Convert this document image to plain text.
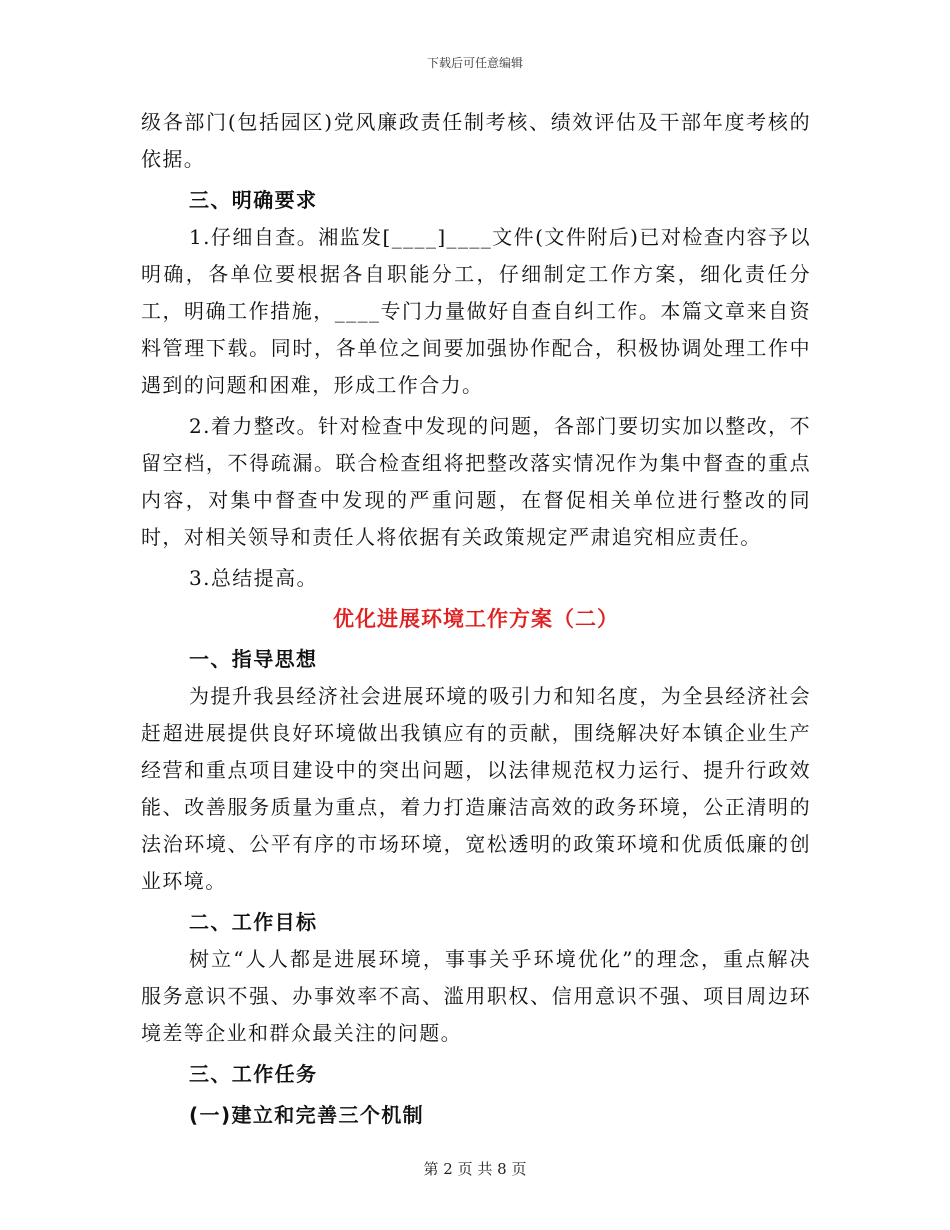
下载后可任意编辑

级各部门(包括园区)党风廉政责任制考核、绩效评估及干部年度考核的依据。

三、明确要求

1.仔细自查。湘监发[____]____文件(文件附后)已对检查内容予以明确，各单位要根据各自职能分工，仔细制定工作方案，细化责任分工，明确工作措施，____专门力量做好自查自纠工作。本篇文章来自资料管理下载。同时，各单位之间要加强协作配合，积极协调处理工作中遇到的问题和困难，形成工作合力。

2.着力整改。针对检查中发现的问题，各部门要切实加以整改，不留空档，不得疏漏。联合检查组将把整改落实情况作为集中督查的重点内容，对集中督查中发现的严重问题，在督促相关单位进行整改的同时，对相关领导和责任人将依据有关政策规定严肃追究相应责任。

3.总结提高。

优化进展环境工作方案（二）

一、指导思想

为提升我县经济社会进展环境的吸引力和知名度，为全县经济社会赶超进展提供良好环境做出我镇应有的贡献，围绕解决好本镇企业生产经营和重点项目建设中的突出问题，以法律规范权力运行、提升行政效能、改善服务质量为重点，着力打造廉洁高效的政务环境，公正清明的法治环境、公平有序的市场环境，宽松透明的政策环境和优质低廉的创业环境。

二、工作目标

树立“人人都是进展环境，事事关乎环境优化”的理念，重点解决服务意识不强、办事效率不高、滥用职权、信用意识不强、项目周边环境差等企业和群众最关注的问题。

三、工作任务

(一)建立和完善三个机制

第 2 页 共 8 页
